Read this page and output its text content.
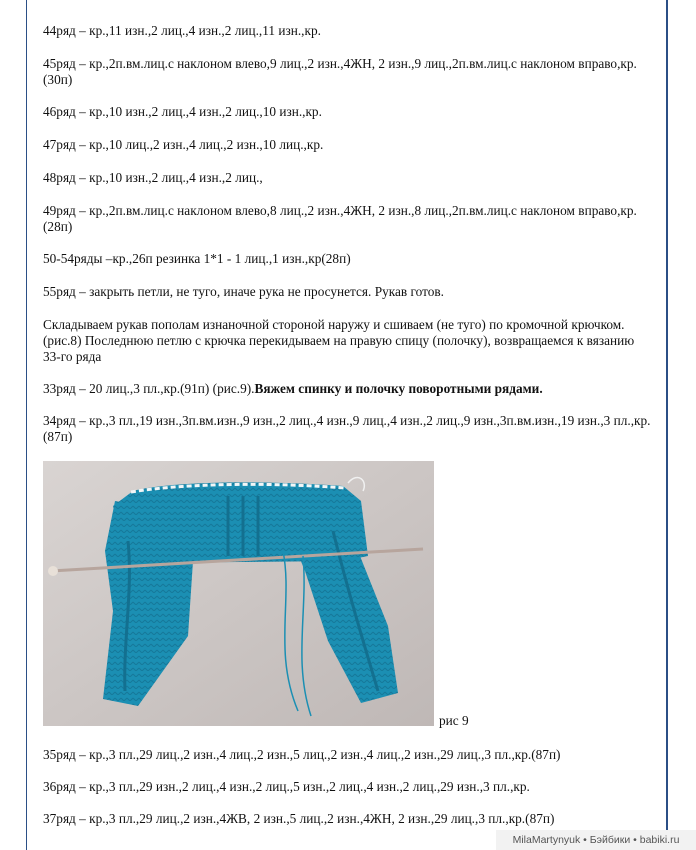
44ряд – кр.,11 изн.,2 лиц.,4 изн.,2 лиц.,11 изн.,кр.

45ряд – кр.,2п.вм.лиц.с наклоном влево,9 лиц.,2 изн.,4ЖН, 2 изн.,9 лиц.,2п.вм.лиц.с наклоном вправо,кр.(30п)

46ряд – кр.,10 изн.,2 лиц.,4 изн.,2 лиц.,10 изн.,кр.

47ряд – кр.,10 лиц.,2 изн.,4 лиц.,2 изн.,10 лиц.,кр.

48ряд – кр.,10 изн.,2 лиц.,4 изн.,2 лиц.,

49ряд – кр.,2п.вм.лиц.с наклоном влево,8 лиц.,2 изн.,4ЖН, 2 изн.,8 лиц.,2п.вм.лиц.с наклоном вправо,кр.(28п)

50-54ряды –кр.,26п резинка 1*1 - 1 лиц.,1 изн.,кр(28п)

55ряд – закрыть петли, не туго, иначе рука не просунется. Рукав готов.

Складываем рукав пополам изнаночной стороной наружу и сшиваем (не туго) по кромочной крючком.(рис.8) Последнюю петлю с крючка перекидываем на правую спицу (полочку), возвращаемся к вязанию 33-го ряда

33ряд – 20 лиц.,3 пл.,кр.(91п) (рис.9).Вяжем спинку и полочку поворотными рядами.

34ряд – кр.,3 пл.,19 изн.,3п.вм.изн.,9 изн.,2 лиц.,4 изн.,9 лиц.,4 изн.,2 лиц.,9 изн.,3п.вм.изн.,19 изн.,3 пл.,кр.(87п)

35ряд – кр.,3 пл.,29 лиц.,2 изн.,4 лиц.,2 изн.,5 лиц.,2 изн.,4 лиц.,2 изн.,29 лиц.,3 пл.,кр.(87п)

36ряд – кр.,3 пл.,29 изн.,2 лиц.,4 изн.,2 лиц.,5 изн.,2 лиц.,4 изн.,2 лиц.,29 изн.,3 пл.,кр.

37ряд – кр.,3 пл.,29 лиц.,2 изн.,4ЖВ, 2 изн.,5 лиц.,2 изн.,4ЖН, 2 изн.,29 лиц.,3 пл.,кр.(87п)

рис 9
MilaMartynyuk • Бэйбики • babiki.ru
